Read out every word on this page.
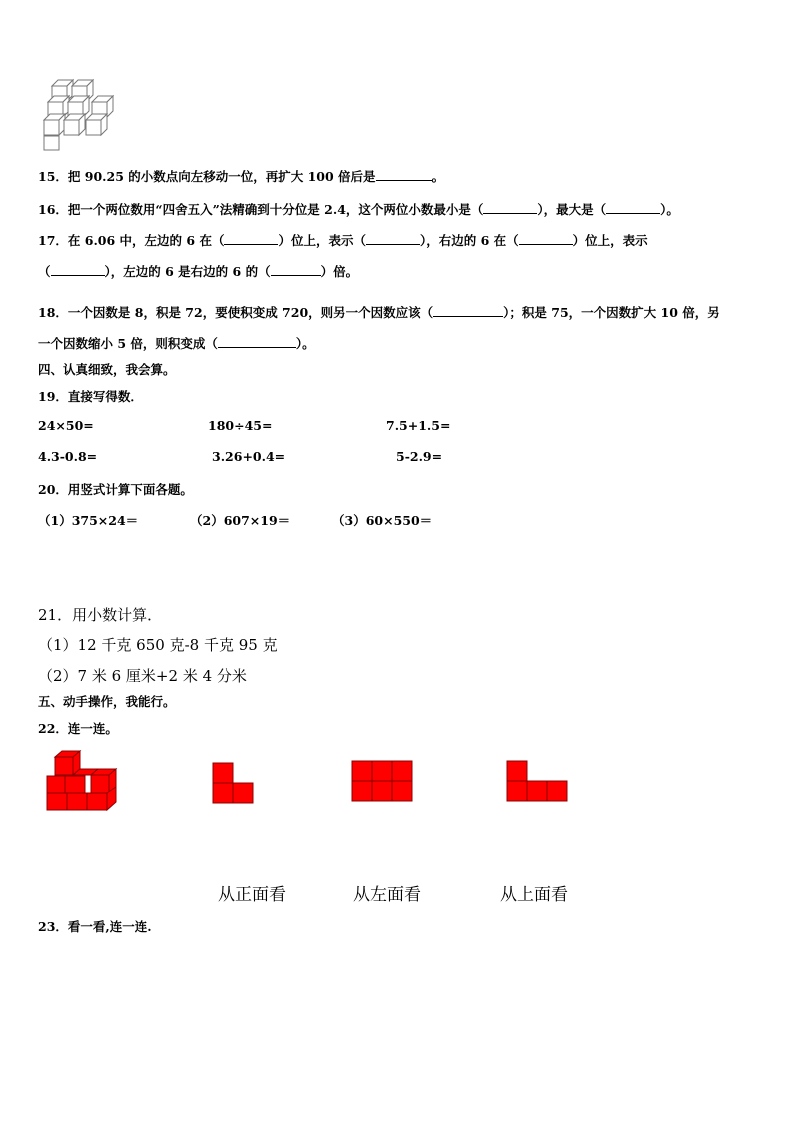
15．把 90.25 的小数点向左移动一位，再扩大 100 倍后是	。
16．把一个两位数用“四舍五入”法精确到十分位是 2.4，这个两位小数最小是（	），最大是（	）。
17．在 6.06 中，左边的 6 在（	）位上，表示（	），右边的 6 在（	）位上，表示
（	），左边的 6 是右边的 6 的（	）倍。
18．一个因数是 8，积是 72，要使积变成 720，则另一个因数应该（	）；积是 75，一个因数扩大 10 倍，另
一个因数缩小 5 倍，则积变成（	）。
四、认真细致，我会算。
19．直接写得数．
24×50=	180÷45=	7.5+1.5=
4.3-0.8=	3.26+0.4=	5-2.9=
20．用竖式计算下面各题。
（1）375×24＝	（2）607×19＝	（3）60×550＝
21．用小数计算．
（1）12 千克 650 克-8 千克 95 克
（2）7 米 6 厘米+2 米 4 分米
五、动手操作，我能行。
22．连一连。
从正面看	从左面看	从上面看
23．看一看,连一连.
